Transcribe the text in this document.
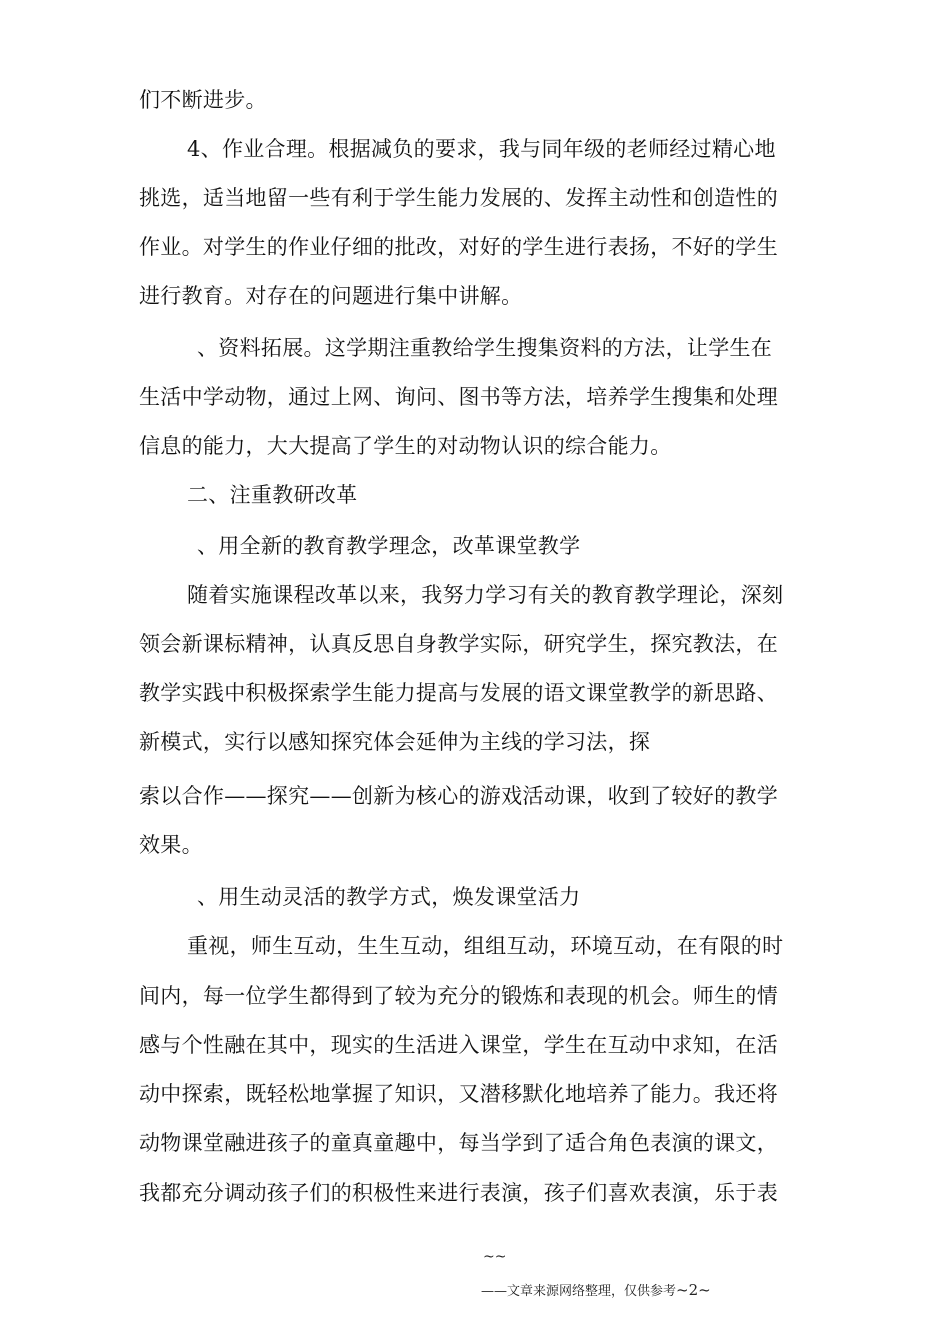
们不断进步。
4、作业合理。根据减负的要求，我与同年级的老师经过精心地
挑选，适当地留一些有利于学生能力发展的、发挥主动性和创造性的
作业。对学生的作业仔细的批改，对好的学生进行表扬，不好的学生
进行教育。对存在的问题进行集中讲解。
、资料拓展。这学期注重教给学生搜集资料的方法，让学生在
生活中学动物，通过上网、询问、图书等方法，培养学生搜集和处理
信息的能力，大大提高了学生的对动物认识的综合能力。
二、注重教研改革
、用全新的教育教学理念，改革课堂教学
随着实施课程改革以来，我努力学习有关的教育教学理论，深刻
领会新课标精神，认真反思自身教学实际，研究学生，探究教法，在
教学实践中积极探索学生能力提高与发展的语文课堂教学的新思路、
新模式，实行以感知探究体会延伸为主线的学习法，探
索以合作——探究——创新为核心的游戏活动课，收到了较好的教学
效果。
、用生动灵活的教学方式，焕发课堂活力
重视，师生互动，生生互动，组组互动，环境互动，在有限的时
间内，每一位学生都得到了较为充分的锻炼和表现的机会。师生的情
感与个性融在其中，现实的生活进入课堂，学生在互动中求知，在活
动中探索，既轻松地掌握了知识，又潜移默化地培养了能力。我还将
动物课堂融进孩子的童真童趣中，每当学到了适合角色表演的课文，
我都充分调动孩子们的积极性来进行表演，孩子们喜欢表演，乐于表
~~
——文章来源网络整理，仅供参考~2~
